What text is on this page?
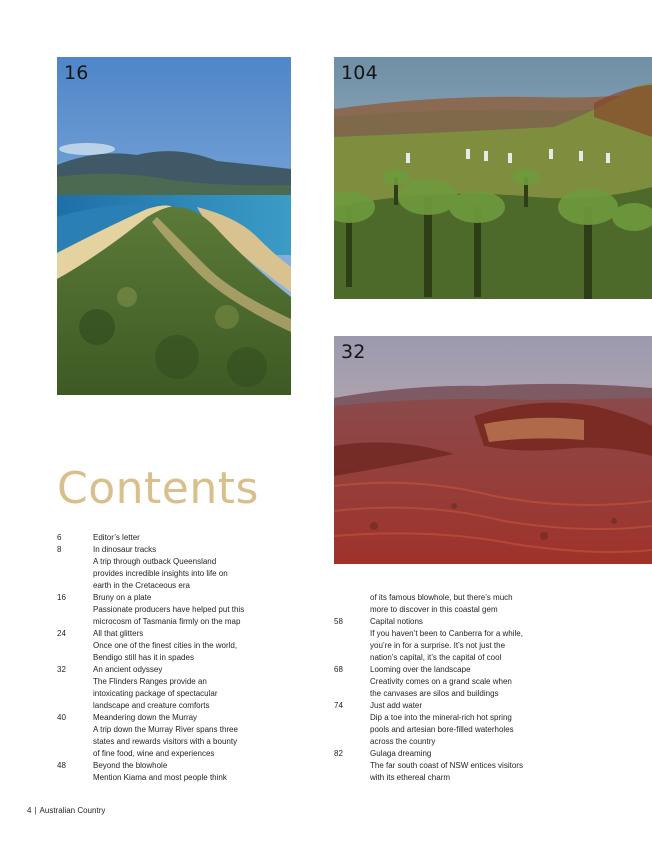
16	104
32
Contents
6	Editor’s letter
8	In dinosaur tracks
A trip through outback Queensland
provides incredible insights into life on
earth in the Cretaceous era
16	Bruny on a plate
Passionate producers have helped put this
microcosm of Tasmania firmly on the map
24	All that glitters
Once one of the finest cities in the world,
Bendigo still has it in spades
32	An ancient odyssey
The Flinders Ranges provide an
intoxicating package of spectacular
landscape and creature comforts
40	Meandering down the Murray
A trip down the Murray River spans three
states and rewards visitors with a bounty
of fine food, wine and experiences
48	Beyond the blowhole
Mention Kiama and most people think
of its famous blowhole, but there’s much
more to discover in this coastal gem
58	Capital notions
If you haven’t been to Canberra for a while,
you’re in for a surprise. It’s not just the
nation’s capital, it’s the capital of cool
68	Looming over the landscape
Creativity comes on a grand scale when
the canvases are silos and buildings
74	Just add water
Dip a toe into the mineral-rich hot spring
pools and artesian bore-filled waterholes
across the country
82	Gulaga dreaming
The far south coast of NSW entices visitors
with its ethereal charm
4 | Australian Country
